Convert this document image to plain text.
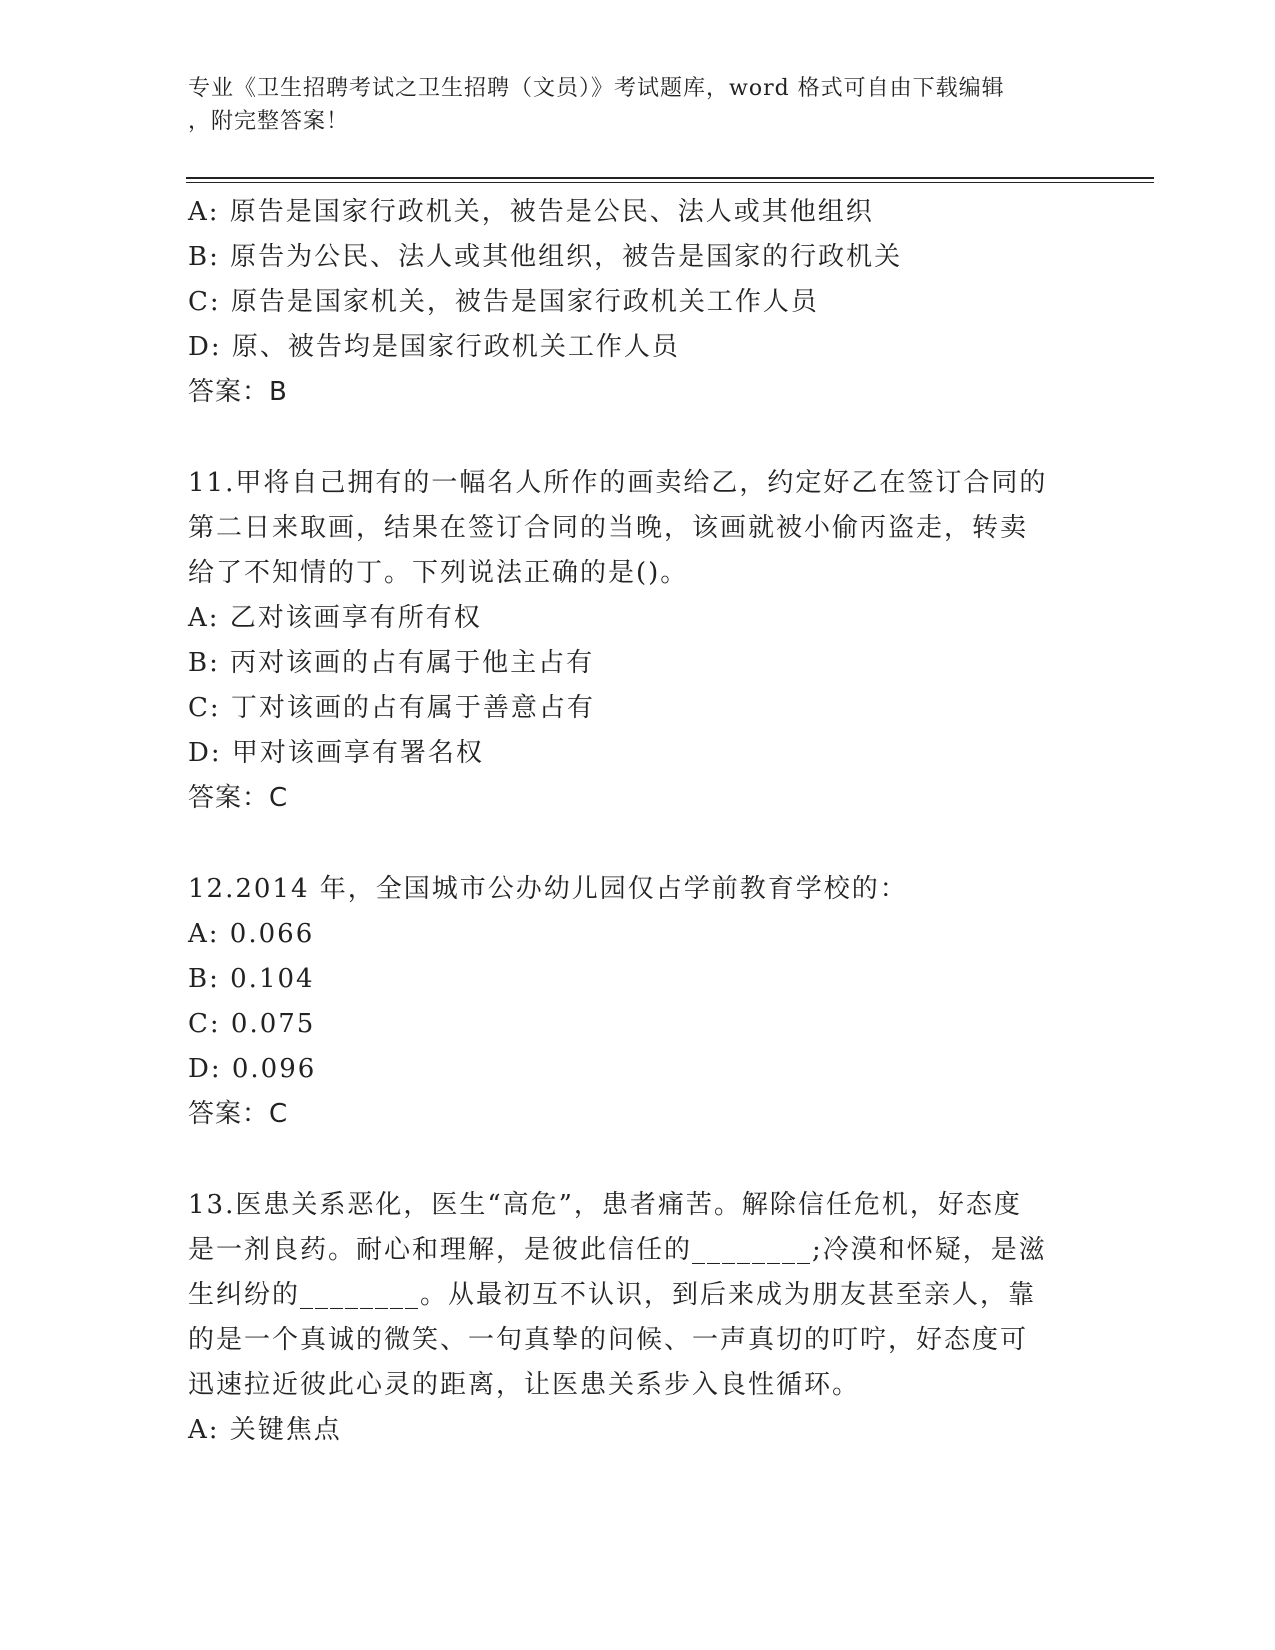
专业《卫生招聘考试之卫生招聘（文员）》考试题库，word 格式可自由下载编辑
，附完整答案！
A: 原告是国家行政机关，被告是公民、法人或其他组织
B: 原告为公民、法人或其他组织，被告是国家的行政机关
C: 原告是国家机关，被告是国家行政机关工作人员
D: 原、被告均是国家行政机关工作人员
答案：B
11.甲将自己拥有的一幅名人所作的画卖给乙，约定好乙在签订合同的
第二日来取画，结果在签订合同的当晚，该画就被小偷丙盗走，转卖
给了不知情的丁。下列说法正确的是()。
A: 乙对该画享有所有权
B: 丙对该画的占有属于他主占有
C: 丁对该画的占有属于善意占有
D: 甲对该画享有署名权
答案：C
12.2014 年，全国城市公办幼儿园仅占学前教育学校的：
A: 0.066
B: 0.104
C: 0.075
D: 0.096
答案：C
13.医患关系恶化，医生“高危”，患者痛苦。解除信任危机，好态度
是一剂良药。耐心和理解，是彼此信任的________;冷漠和怀疑，是滋
生纠纷的________。从最初互不认识，到后来成为朋友甚至亲人，靠
的是一个真诚的微笑、一句真挚的问候、一声真切的叮咛，好态度可
迅速拉近彼此心灵的距离，让医患关系步入良性循环。
A: 关键焦点
